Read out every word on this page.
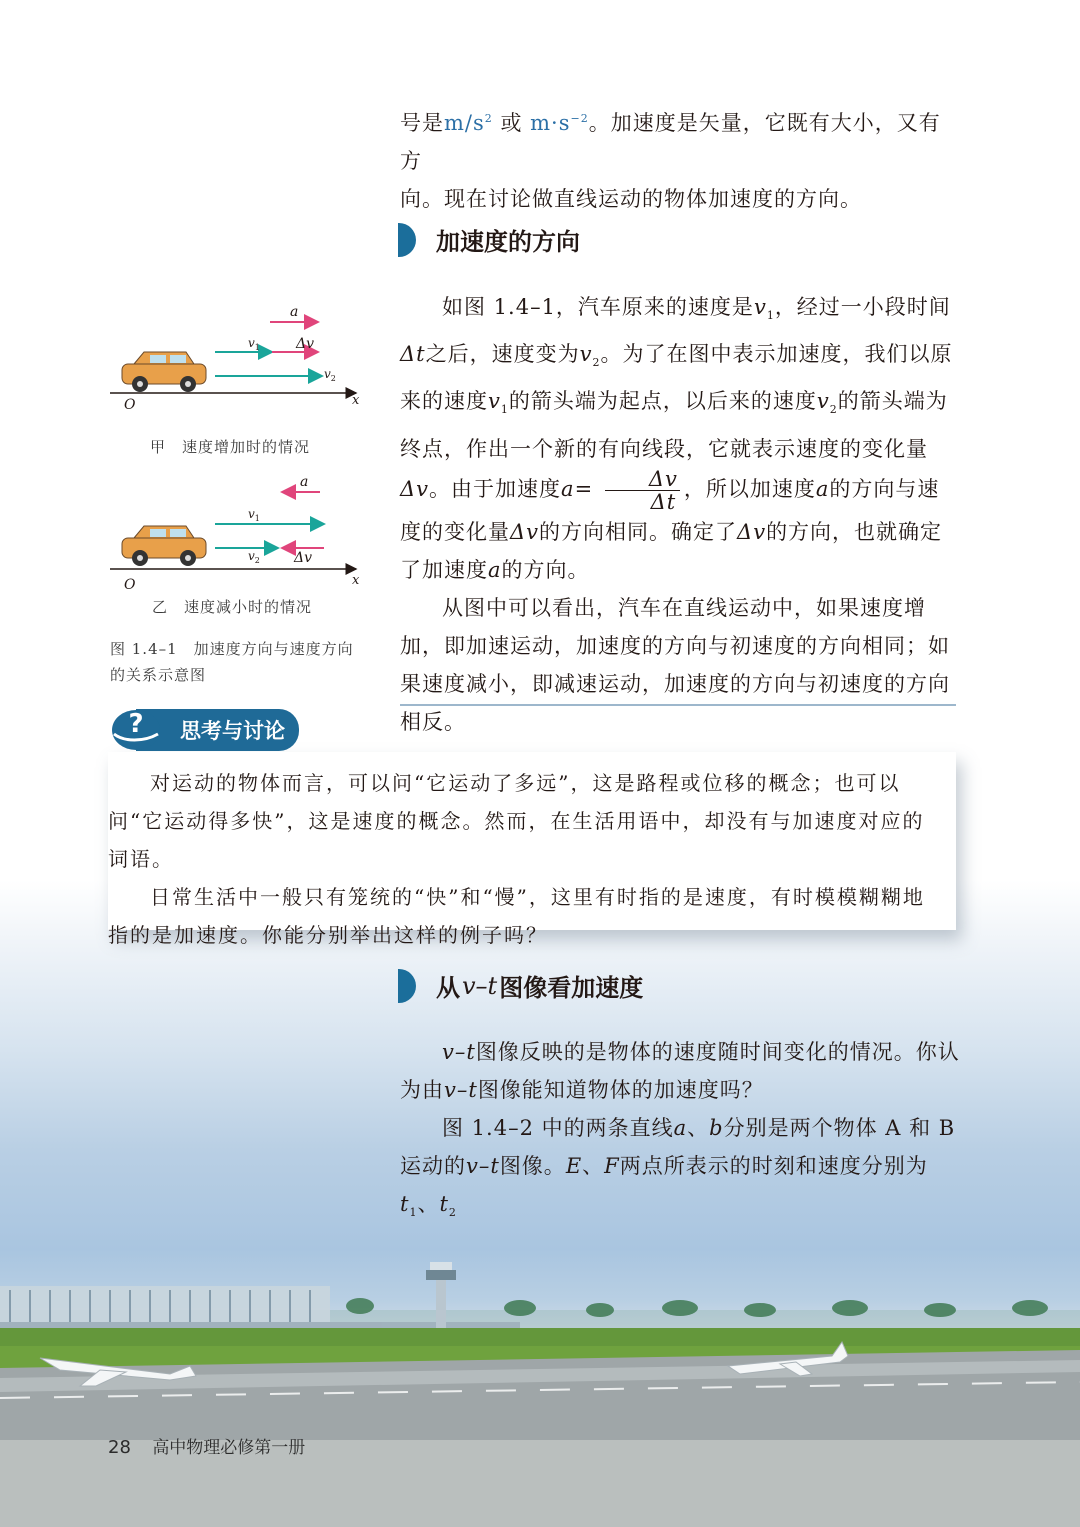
号是$m/s^2$ 或 $m\cdot s^{-2}$。加速度是矢量，它既有大小，又有方

向。现在讨论做直线运动的物体加速度的方向。

加速度的方向

如图 1.4–1，汽车原来的速度是$v_1$，经过一小段时间Δt之后，速度变为$v_2$。为了在图中表示加速度，我们以原来的速度$v_1$的箭头端为起点，以后来的速度$v_2$的箭头端为终点，作出一个新的有向线段，它就表示速度的变化量Δv。由于加速度$a= \frac{\Delta v}{\Delta t}$ ，所以加速度a的方向与速度的变化量Δv的方向相同。确定了Δv的方向，也就确定了加速度a的方向。

从图中可以看出，汽车在直线运动中，如果速度增加，即加速运动，加速度的方向与初速度的方向相同；如果速度减小，即减速运动，加速度的方向与初速度的方向相反。

a
$v_1$	Δv
$v_2$
O	x
甲　速度增加时的情况
a
$v_1$
$v_2$ Δv
O	x
乙　速度减小时的情况
图 1.4–1　加速度方向与速度方向
的关系示意图

对运动的物体而言，可以问“它运动了多远”，这是路程或位移的概念；也可以问“它运动得多快”，这是速度的概念。然而，在生活用语中，却没有与加速度对应的词语。

日常生活中一般只有笼统的“快”和“慢”，这里有时指的是速度，有时模模糊糊地指的是加速度。你能分别举出这样的例子吗？

?	思考与讨论
从 v–t 图像看加速度

v–t图像反映的是物体的速度随时间变化的情况。你认为由v–t图像能知道物体的加速度吗？

图 1.4–2 中的两条直线a、b分别是两个物体 A 和 B 运动的v–t图像。E、F两点所表示的时刻和速度分别为$t_1$、$t_2$

28 高中物理必修第一册
